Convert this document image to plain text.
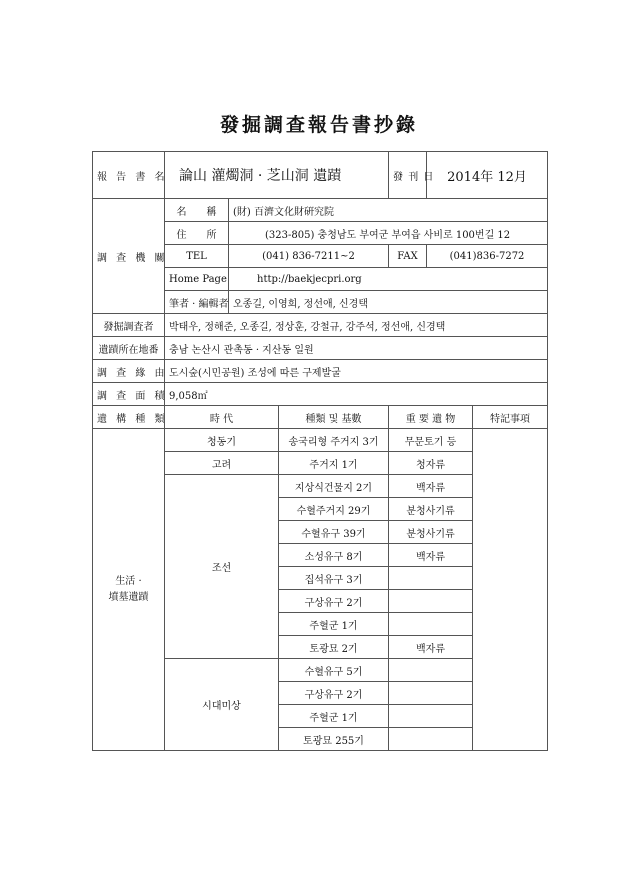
發掘調查報告書抄錄
報 告 書 名	論山 灌燭洞 · 芝山洞 遺蹟			發 刊 日	2014年 12月	
調 查 機 關	名　　稱	(財) 百濟文化財硏究院				
	住　　所	(323-805) 충청남도 부여군 부여읍 사비로 100번길 12				
	TEL	(041) 836-7211~2		FAX	(041)836-7272	
	Home Page	http://baekjecpri.org				
	筆者 · 編輯者	오종길, 이영희, 정선애, 신경택				
發掘調査者	박태우, 정해준, 오종길, 정상훈, 강철규, 강주석, 정선애, 신경택					
遺蹟所在地番	충남 논산시 관촉동 · 지산동 일원					
調 查 緣 由	도시숲(시민공원) 조성에 따른 구제발굴					
調 查 面 積	9,058㎡					
遺 構 種 類	時 代		種類 및 基數	重 要 遺 物		特記事項

生活 ·
墳墓遺蹟	청동기		송국리형 주거지 3기	무문토기 등		
	고려		주거지 1기	청자류		
	조선		지상식건물지 2기	백자류		
			수혈주거지 29기	분청사기류		
			수혈유구 39기	분청사기류		
			소성유구 8기	백자류		
			집석유구 3기			
			구상유구 2기			
			주혈군 1기			
			토광묘 2기	백자류		
	시대미상		수혈유구 5기			
			구상유구 2기			
			주혈군 1기			
			토광묘 255기			
